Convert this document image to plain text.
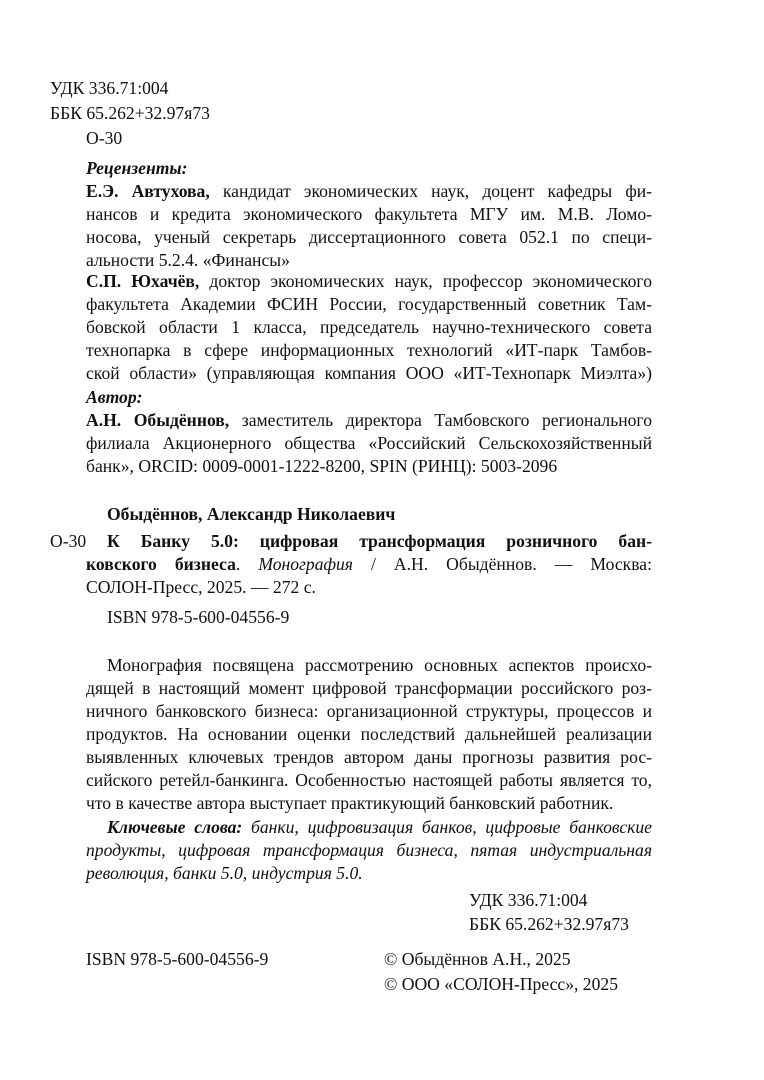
УДК 336.71:004
ББК 65.262+32.97я73
О-30
Рецензенты:
Е.Э. Автухова, кандидат экономических наук, доцент кафедры фи-
нансов и кредита экономического факультета МГУ им. М.В. Ломо-
носова, ученый секретарь диссертационного совета 052.1 по специ-
альности 5.2.4. «Финансы»
С.П. Юхачёв, доктор экономических наук, профессор экономического
факультета Академии ФСИН России, государственный советник Там-
бовской области 1 класса, председатель научно-технического совета
технопарка в сфере информационных технологий «ИТ-парк Тамбов-
ской области» (управляющая компания ООО «ИТ-Технопарк Миэлта»)
Автор:
А.Н. Обыдённов, заместитель директора Тамбовского регионального
филиала Акционерного общества «Российский Сельскохозяйственный
банк», ORCID: 0009-0001-1222-8200, SPIN (РИНЦ): 5003-2096
Обыдённов, Александр Николаевич
О-30 К Банку 5.0: цифровая трансформация розничного бан-
ковского бизнеса. Монография / А.Н. Обыдённов. — Москва:
СОЛОН-Пресс, 2025. — 272 с.
ISBN 978-5-600-04556-9
Монография посвящена рассмотрению основных аспектов происхо-
дящей в настоящий момент цифровой трансформации российского роз-
ничного банковского бизнеса: организационной структуры, процессов и
продуктов. На основании оценки последствий дальнейшей реализации
выявленных ключевых трендов автором даны прогнозы развития рос-
сийского ретейл-банкинга. Особенностью настоящей работы является то,
что в качестве автора выступает практикующий банковский работник.
Ключевые слова: банки, цифровизация банков, цифровые банковские
продукты, цифровая трансформация бизнеса, пятая индустриальная
революция, банки 5.0, индустрия 5.0.
УДК 336.71:004
ББК 65.262+32.97я73
ISBN 978-5-600-04556-9	© Обыдённов А.Н., 2025
© ООО «СОЛОН-Пресс», 2025
